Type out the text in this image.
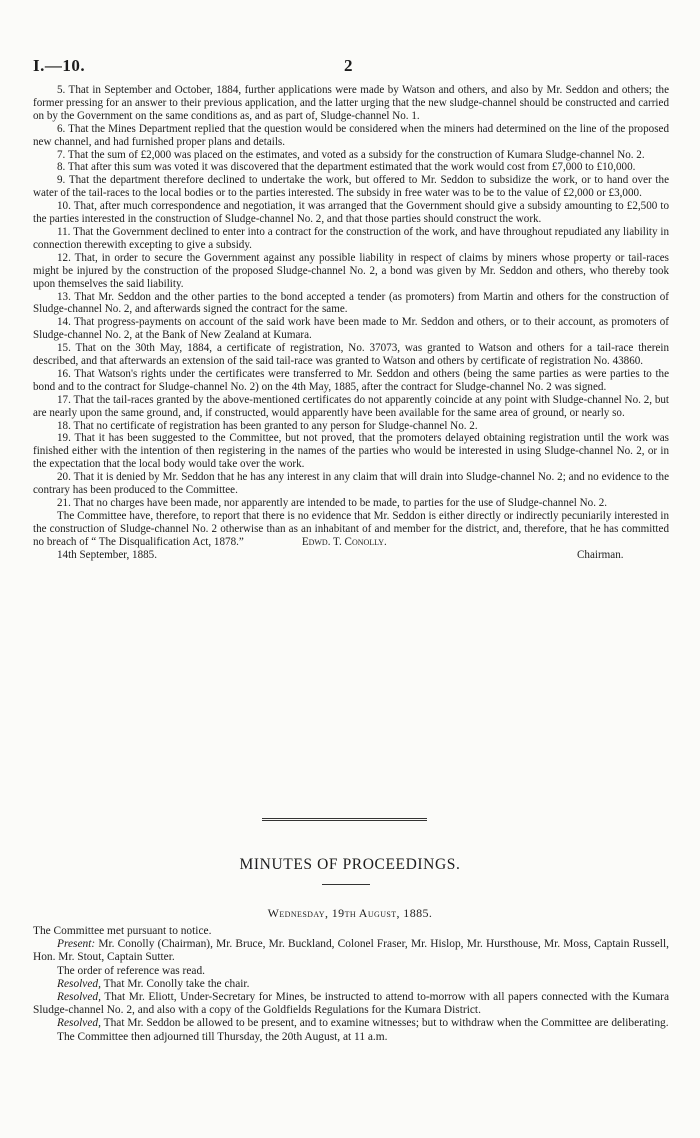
I.—10.	2

5. That in September and October, 1884, further applications were made by Watson and others, and also by Mr. Seddon and others; the former pressing for an answer to their previous application, and the latter urging that the new sludge-channel should be constructed and carried on by the Government on the same conditions as, and as part of, Sludge-channel No. 1.

6. That the Mines Department replied that the question would be considered when the miners had determined on the line of the proposed new channel, and had furnished proper plans and details.

7. That the sum of £2,000 was placed on the estimates, and voted as a subsidy for the construction of Kumara Sludge-channel No. 2.

8. That after this sum was voted it was discovered that the department estimated that the work would cost from £7,000 to £10,000.

9. That the department therefore declined to undertake the work, but offered to Mr. Seddon to subsidize the work, or to hand over the water of the tail-races to the local bodies or to the parties interested. The subsidy in free water was to be to the value of £2,000 or £3,000.

10. That, after much correspondence and negotiation, it was arranged that the Government should give a subsidy amounting to £2,500 to the parties interested in the construction of Sludge-channel No. 2, and that those parties should construct the work.

11. That the Government declined to enter into a contract for the construction of the work, and have throughout repudiated any liability in connection therewith excepting to give a subsidy.

12. That, in order to secure the Government against any possible liability in respect of claims by miners whose property or tail-races might be injured by the construction of the proposed Sludge-channel No. 2, a bond was given by Mr. Seddon and others, who thereby took upon themselves the said liability.

13. That Mr. Seddon and the other parties to the bond accepted a tender (as promoters) from Martin and others for the construction of Sludge-channel No. 2, and afterwards signed the contract for the same.

14. That progress-payments on account of the said work have been made to Mr. Seddon and others, or to their account, as promoters of Sludge-channel No. 2, at the Bank of New Zealand at Kumara.

15. That on the 30th May, 1884, a certificate of registration, No. 37073, was granted to Watson and others for a tail-race therein described, and that afterwards an extension of the said tail-race was granted to Watson and others by certificate of registration No. 43860.

16. That Watson's rights under the certificates were transferred to Mr. Seddon and others (being the same parties as were parties to the bond and to the contract for Sludge-channel No. 2) on the 4th May, 1885, after the contract for Sludge-channel No. 2 was signed.

17. That the tail-races granted by the above-mentioned certificates do not apparently coincide at any point with Sludge-channel No. 2, but are nearly upon the same ground, and, if constructed, would apparently have been available for the same area of ground, or nearly so.

18. That no certificate of registration has been granted to any person for Sludge-channel No. 2.

19. That it has been suggested to the Committee, but not proved, that the promoters delayed obtaining registration until the work was finished either with the intention of then registering in the names of the parties who would be interested in using Sludge-channel No. 2, or in the expectation that the local body would take over the work.

20. That it is denied by Mr. Seddon that he has any interest in any claim that will drain into Sludge-channel No. 2; and no evidence to the contrary has been produced to the Committee.

21. That no charges have been made, nor apparently are intended to be made, to parties for the use of Sludge-channel No. 2.

The Committee have, therefore, to report that there is no evidence that Mr. Seddon is either directly or indirectly pecuniarily interested in the construction of Sludge-channel No. 2 otherwise than as an inhabitant of and member for the district, and, therefore, that he has committed no breach of “ The Disqualification Act, 1878.”	Edwd. T. Conolly.

14th September, 1885.	Chairman.
MINUTES OF PROCEEDINGS.
Wednesday, 19th August, 1885.

The Committee met pursuant to notice.

Present: Mr. Conolly (Chairman), Mr. Bruce, Mr. Buckland, Colonel Fraser, Mr. Hislop, Mr. Hursthouse, Mr. Moss, Captain Russell, Hon. Mr. Stout, Captain Sutter.

The order of reference was read.

Resolved, That Mr. Conolly take the chair.

Resolved, That Mr. Eliott, Under-Secretary for Mines, be instructed to attend to-morrow with all papers connected with the Kumara Sludge-channel No. 2, and also with a copy of the Goldfields Regulations for the Kumara District.

Resolved, That Mr. Seddon be allowed to be present, and to examine witnesses; but to withdraw when the Committee are deliberating.

The Committee then adjourned till Thursday, the 20th August, at 11 a.m.
